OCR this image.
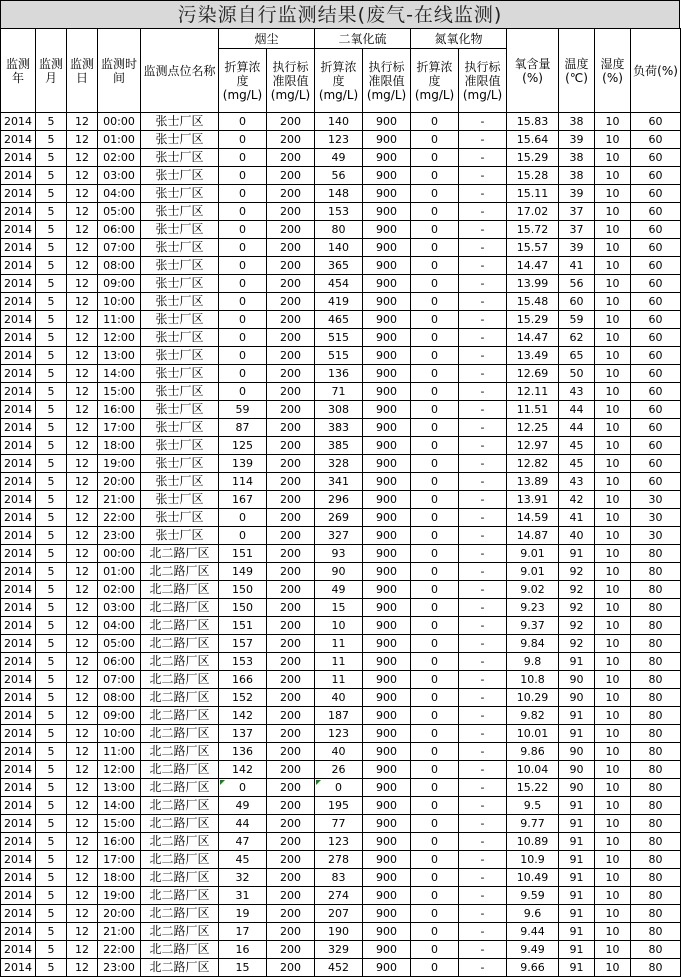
污染源自行监测结果(废气-在线监测)
监测年	监测月	监测日	监测时间	监测点位名称	烟尘		二氧化硫		氮氧化物		氧含量(%)	温度(℃)	湿度(%)	负荷(%)
					折算浓度(mg/L)	执行标准限值(mg/L)	折算浓度(mg/L)	执行标准限值(mg/L)	折算浓度(mg/L)	执行标准限值(mg/L)				
2014	5	12	00:00	张士厂区	0	200	140	900	0	-	15.83	38	10	60
2014	5	12	01:00	张士厂区	0	200	123	900	0	-	15.64	39	10	60
2014	5	12	02:00	张士厂区	0	200	49	900	0	-	15.29	38	10	60
2014	5	12	03:00	张士厂区	0	200	56	900	0	-	15.28	38	10	60
2014	5	12	04:00	张士厂区	0	200	148	900	0	-	15.11	39	10	60
2014	5	12	05:00	张士厂区	0	200	153	900	0	-	17.02	37	10	60
2014	5	12	06:00	张士厂区	0	200	80	900	0	-	15.72	37	10	60
2014	5	12	07:00	张士厂区	0	200	140	900	0	-	15.57	39	10	60
2014	5	12	08:00	张士厂区	0	200	365	900	0	-	14.47	41	10	60
2014	5	12	09:00	张士厂区	0	200	454	900	0	-	13.99	56	10	60
2014	5	12	10:00	张士厂区	0	200	419	900	0	-	15.48	60	10	60
2014	5	12	11:00	张士厂区	0	200	465	900	0	-	15.29	59	10	60
2014	5	12	12:00	张士厂区	0	200	515	900	0	-	14.47	62	10	60
2014	5	12	13:00	张士厂区	0	200	515	900	0	-	13.49	65	10	60
2014	5	12	14:00	张士厂区	0	200	136	900	0	-	12.69	50	10	60
2014	5	12	15:00	张士厂区	0	200	71	900	0	-	12.11	43	10	60
2014	5	12	16:00	张士厂区	59	200	308	900	0	-	11.51	44	10	60
2014	5	12	17:00	张士厂区	87	200	383	900	0	-	12.25	44	10	60
2014	5	12	18:00	张士厂区	125	200	385	900	0	-	12.97	45	10	60
2014	5	12	19:00	张士厂区	139	200	328	900	0	-	12.82	45	10	60
2014	5	12	20:00	张士厂区	114	200	341	900	0	-	13.89	43	10	60
2014	5	12	21:00	张士厂区	167	200	296	900	0	-	13.91	42	10	30
2014	5	12	22:00	张士厂区	0	200	269	900	0	-	14.59	41	10	30
2014	5	12	23:00	张士厂区	0	200	327	900	0	-	14.87	40	10	30
2014	5	12	00:00	北二路厂区	151	200	93	900	0	-	9.01	91	10	80
2014	5	12	01:00	北二路厂区	149	200	90	900	0	-	9.01	92	10	80
2014	5	12	02:00	北二路厂区	150	200	49	900	0	-	9.02	92	10	80
2014	5	12	03:00	北二路厂区	150	200	15	900	0	-	9.23	92	10	80
2014	5	12	04:00	北二路厂区	151	200	10	900	0	-	9.37	92	10	80
2014	5	12	05:00	北二路厂区	157	200	11	900	0	-	9.84	92	10	80
2014	5	12	06:00	北二路厂区	153	200	11	900	0	-	9.8	91	10	80
2014	5	12	07:00	北二路厂区	166	200	11	900	0	-	10.8	90	10	80
2014	5	12	08:00	北二路厂区	152	200	40	900	0	-	10.29	90	10	80
2014	5	12	09:00	北二路厂区	142	200	187	900	0	-	9.82	91	10	80
2014	5	12	10:00	北二路厂区	137	200	123	900	0	-	10.01	91	10	80
2014	5	12	11:00	北二路厂区	136	200	40	900	0	-	9.86	90	10	80
2014	5	12	12:00	北二路厂区	142	200	26	900	0	-	10.04	90	10	80
2014	5	12	13:00	北二路厂区	0	200	0	900	0	-	15.22	90	10	80
2014	5	12	14:00	北二路厂区	49	200	195	900	0	-	9.5	91	10	80
2014	5	12	15:00	北二路厂区	44	200	77	900	0	-	9.77	91	10	80
2014	5	12	16:00	北二路厂区	47	200	123	900	0	-	10.89	91	10	80
2014	5	12	17:00	北二路厂区	45	200	278	900	0	-	10.9	91	10	80
2014	5	12	18:00	北二路厂区	32	200	83	900	0	-	10.49	91	10	80
2014	5	12	19:00	北二路厂区	31	200	274	900	0	-	9.59	91	10	80
2014	5	12	20:00	北二路厂区	19	200	207	900	0	-	9.6	91	10	80
2014	5	12	21:00	北二路厂区	17	200	190	900	0	-	9.44	91	10	80
2014	5	12	22:00	北二路厂区	16	200	329	900	0	-	9.49	91	10	80
2014	5	12	23:00	北二路厂区	15	200	452	900	0	-	9.66	91	10	80
